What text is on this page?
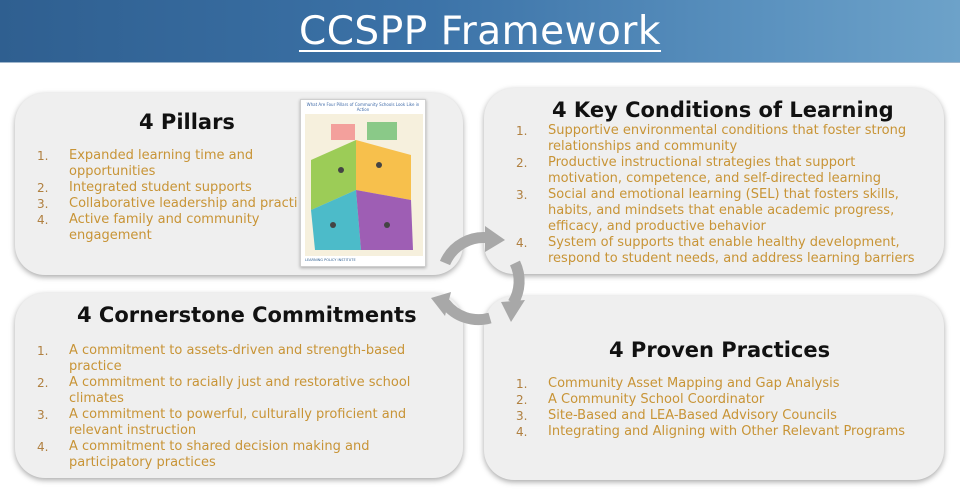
CCSPP Framework
4 Pillars
1. Expanded learning time and opportunities
2. Integrated student supports
3. Collaborative leadership and practi
4. Active family and community engagement
4 Key Conditions of Learning
1. Supportive environmental conditions that foster strong relationships and community
2. Productive instructional strategies that support motivation, competence, and self-directed learning
3. Social and emotional learning (SEL) that fosters skills, habits, and mindsets that enable academic progress, efficacy, and productive behavior
4. System of supports that enable healthy development, respond to student needs, and address learning barriers
4 Cornerstone Commitments
1. A commitment to assets-driven and strength-based practice
2. A commitment to racially just and restorative school climates
3. A commitment to powerful, culturally proficient and relevant instruction
4. A commitment to shared decision making and participatory practices
4 Proven Practices
1. Community Asset Mapping and Gap Analysis
2. A Community School Coordinator
3. Site-Based and LEA-Based Advisory Councils
4. Integrating and Aligning with Other Relevant Programs
What Are Four Pillars of Community Schools Look Like in Action
LEARNING POLICY INSTITUTE
